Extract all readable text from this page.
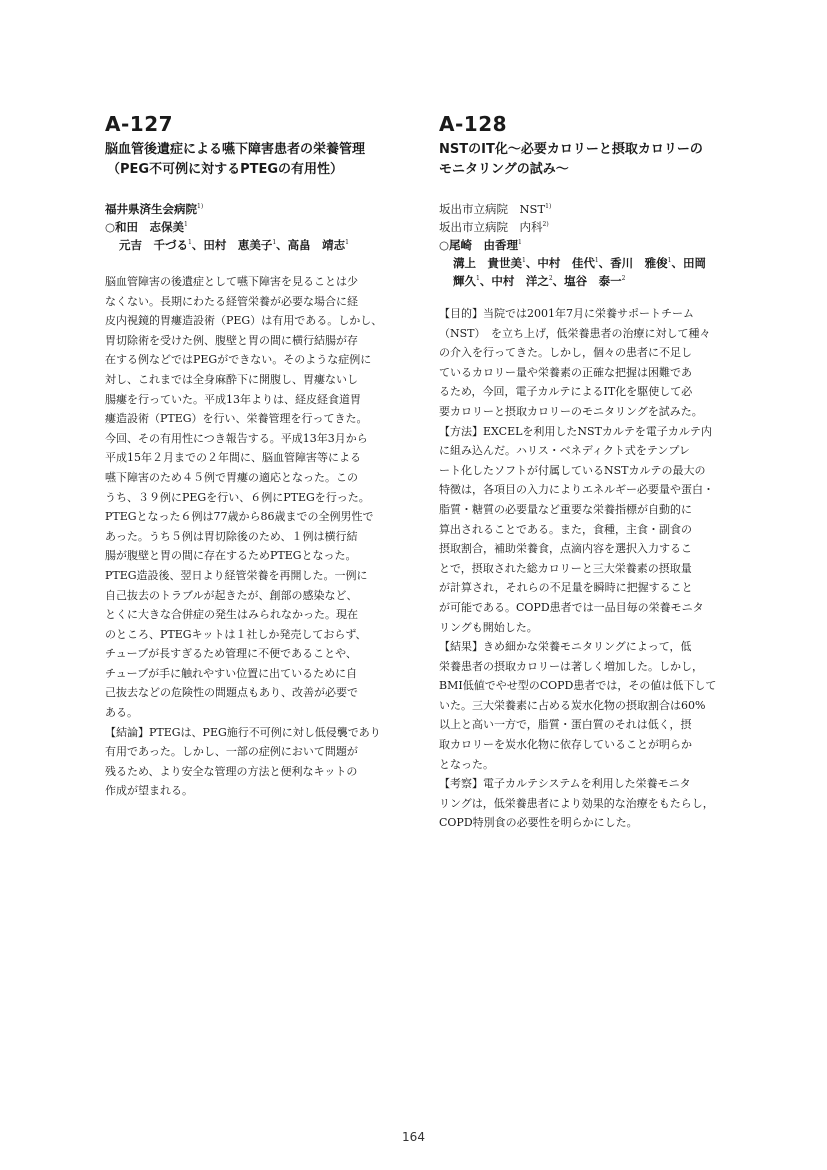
A-127
脳血管後遺症による嚥下障害患者の栄養管理
（PEG不可例に対するPTEGの有用性）
福井県済生会病院$^{1)}$
○和田　志保美$^1$
元吉　千づる$^1$、田村　恵美子$^1$、高畠　靖志$^1$
脳血管障害の後遺症として嚥下障害を見ることは少
なくない。長期にわたる経管栄養が必要な場合に経
皮内視鏡的胃瘻造設術（PEG）は有用である。しかし、
胃切除術を受けた例、腹壁と胃の間に横行結腸が存
在する例などではPEGができない。そのような症例に
対し、これまでは全身麻酔下に開腹し、胃瘻ないし
腸瘻を行っていた。平成13年よりは、経皮経食道胃
瘻造設術（PTEG）を行い、栄養管理を行ってきた。
今回、その有用性につき報告する。平成13年3月から
平成15年２月までの２年間に、脳血管障害等による
嚥下障害のため４５例で胃瘻の適応となった。この
うち、３９例にPEGを行い、６例にPTEGを行った。
PTEGとなった６例は77歳から86歳までの全例男性で
あった。うち５例は胃切除後のため、１例は横行結
腸が腹壁と胃の間に存在するためPTEGとなった。
PTEG造設後、翌日より経管栄養を再開した。一例に
自己抜去のトラブルが起きたが、創部の感染など、
とくに大きな合併症の発生はみられなかった。現在
のところ、PTEGキットは１社しか発売しておらず、
チューブが長すぎるため管理に不便であることや、
チューブが手に触れやすい位置に出ているために自
己抜去などの危険性の問題点もあり、改善が必要で
ある。
【結論】PTEGは、PEG施行不可例に対し低侵襲であり
有用であった。しかし、一部の症例において問題が
残るため、より安全な管理の方法と便利なキットの
作成が望まれる。
A-128
NSTのIT化〜必要カロリーと摂取カロリーの
モニタリングの試み〜
坂出市立病院　NST$^{1)}$
坂出市立病院　内科$^{2)}$
○尾崎　由香理$^1$
溝上　貴世美$^1$、中村　佳代$^1$、香川　雅俊$^1$、田岡
輝久$^1$、中村　洋之$^2$、塩谷　泰一$^2$
【目的】当院では2001年7月に栄養サポートチーム
（NST）　を立ち上げ，低栄養患者の治療に対して種々
の介入を行ってきた。しかし，個々の患者に不足し
ているカロリー量や栄養素の正確な把握は困難であ
るため，今回，電子カルテによるIT化を駆使して必
要カロリーと摂取カロリーのモニタリングを試みた。
【方法】EXCELを利用したNSTカルテを電子カルテ内
に組み込んだ。ハリス・ベネディクト式をテンプレ
ート化したソフトが付属しているNSTカルテの最大の
特徴は，各項目の入力によりエネルギー必要量や蛋白・
脂質・糖質の必要量など重要な栄養指標が自動的に
算出されることである。また，食種，主食・副食の
摂取割合，補助栄養食，点滴内容を選択入力するこ
とで，摂取された総カロリーと三大栄養素の摂取量
が計算され，それらの不足量を瞬時に把握すること
が可能である。COPD患者では一品目毎の栄養モニタ
リングも開始した。
【結果】きめ細かな栄養モニタリングによって，低
栄養患者の摂取カロリーは著しく増加した。しかし，
BMI低値でやせ型のCOPD患者では，その値は低下して
いた。三大栄養素に占める炭水化物の摂取割合は60%
以上と高い一方で，脂質・蛋白質のそれは低く，摂
取カロリーを炭水化物に依存していることが明らか
となった。
【考察】電子カルテシステムを利用した栄養モニタ
リングは，低栄養患者により効果的な治療をもたらし，
COPD特別食の必要性を明らかにした。
164
